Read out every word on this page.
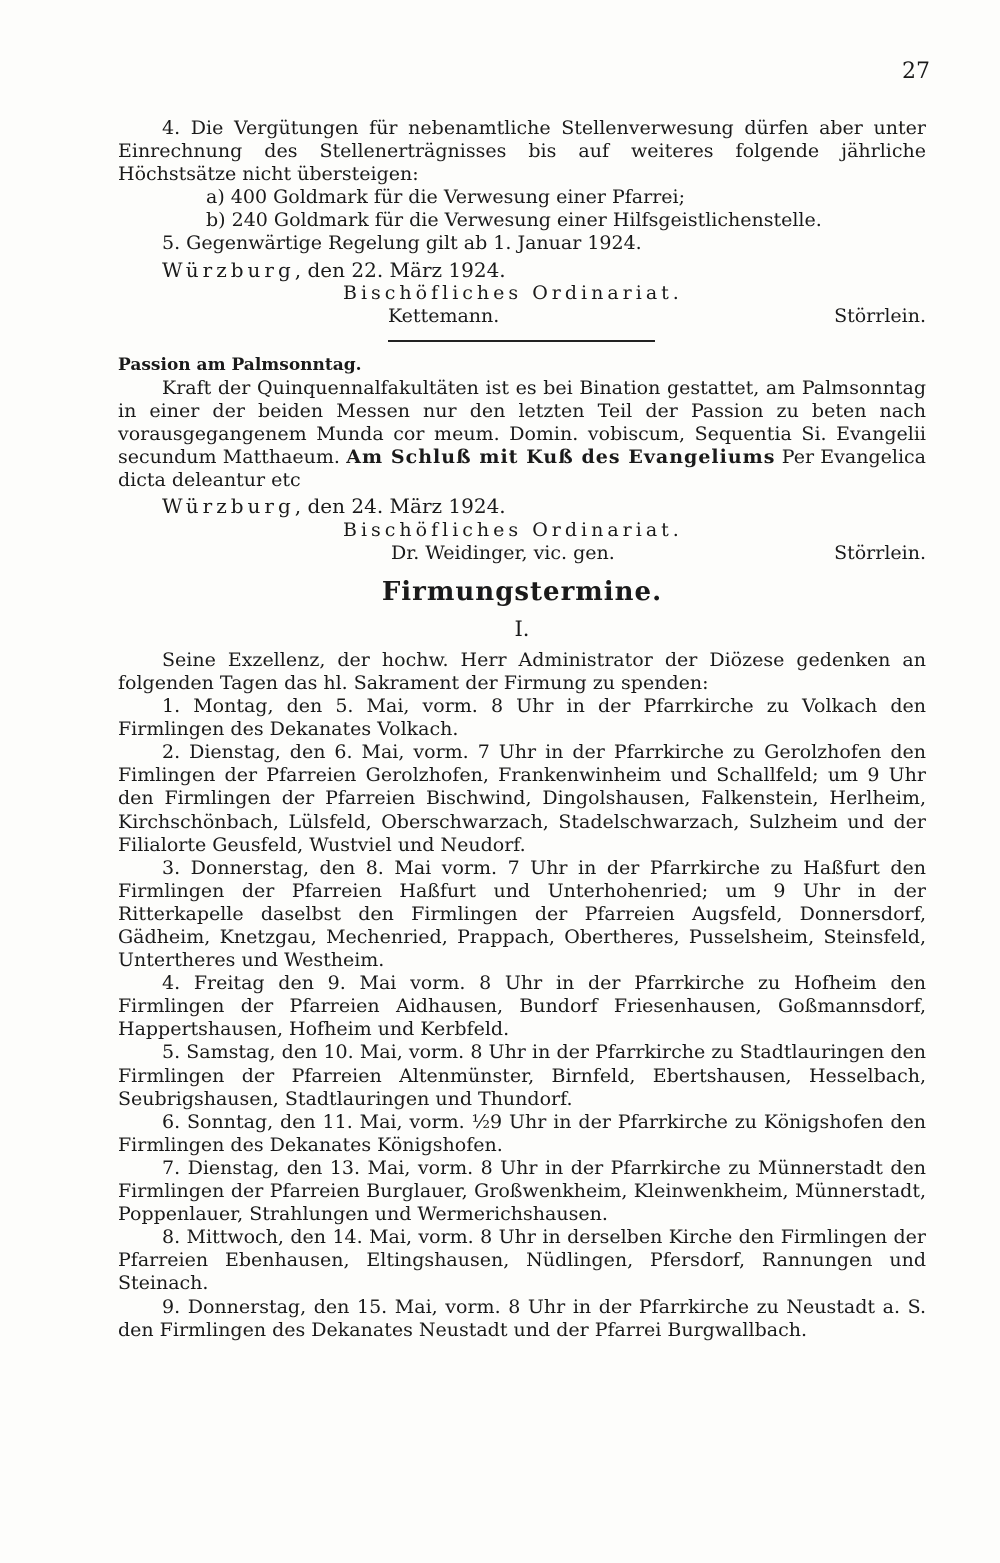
27

4. Die Vergütungen für nebenamtliche Stellenverwesung dürfen aber unter Einrechnung des Stellenerträgnisses bis auf weiteres folgende jährliche Höchstsätze nicht übersteigen:

a) 400 Goldmark für die Verwesung einer Pfarrei;

b) 240 Goldmark für die Verwesung einer Hilfsgeistlichenstelle.

5. Gegenwärtige Regelung gilt ab 1. Januar 1924.

Würzburg, den 22. März 1924.

Bischöfliches Ordinariat.

Kettemann.	Störrlein.

Passion am Palmsonntag.

Kraft der Quinquennalfakultäten ist es bei Bination gestattet, am Palmsonntag in einer der beiden Messen nur den letzten Teil der Passion zu beten nach vorausgegangenem Munda cor meum. Domin. vobiscum, Sequentia Si. Evangelii secundum Matthaeum. Am Schluß mit Kuß des Evangeliums Per Evangelica dicta deleantur etc

Würzburg, den 24. März 1924.

Bischöfliches Ordinariat.

Dr. Weidinger, vic. gen.	Störrlein.

Firmungstermine.

I.

Seine Exzellenz, der hochw. Herr Administrator der Diözese gedenken an folgenden Tagen das hl. Sakrament der Firmung zu spenden:

1. Montag, den 5. Mai, vorm. 8 Uhr in der Pfarrkirche zu Volkach den Firmlingen des Dekanates Volkach.

2. Dienstag, den 6. Mai, vorm. 7 Uhr in der Pfarrkirche zu Gerolzhofen den Fimlingen der Pfarreien Gerolzhofen, Frankenwinheim und Schallfeld; um 9 Uhr den Firmlingen der Pfarreien Bischwind, Dingolshausen, Falkenstein, Herlheim, Kirchschönbach, Lülsfeld, Oberschwarzach, Stadelschwarzach, Sulzheim und der Filialorte Geusfeld, Wustviel und Neudorf.

3. Donnerstag, den 8. Mai vorm. 7 Uhr in der Pfarrkirche zu Haßfurt den Firmlingen der Pfarreien Haßfurt und Unterhohenried; um 9 Uhr in der Ritterkapelle daselbst den Firmlingen der Pfarreien Augsfeld, Donnersdorf, Gädheim, Knetzgau, Mechenried, Prappach, Obertheres, Pusselsheim, Steinsfeld, Untertheres und Westheim.

4. Freitag den 9. Mai vorm. 8 Uhr in der Pfarrkirche zu Hofheim den Firmlingen der Pfarreien Aidhausen, Bundorf Friesenhausen, Goßmannsdorf, Happertshausen, Hofheim und Kerbfeld.

5. Samstag, den 10. Mai, vorm. 8 Uhr in der Pfarrkirche zu Stadtlauringen den Firmlingen der Pfarreien Altenmünster, Birnfeld, Ebertshausen, Hesselbach, Seubrigshausen, Stadtlauringen und Thundorf.

6. Sonntag, den 11. Mai, vorm. ½9 Uhr in der Pfarrkirche zu Königshofen den Firmlingen des Dekanates Königshofen.

7. Dienstag, den 13. Mai, vorm. 8 Uhr in der Pfarrkirche zu Münnerstadt den Firmlingen der Pfarreien Burglauer, Großwenkheim, Kleinwenkheim, Münnerstadt, Poppenlauer, Strahlungen und Wermerichshausen.

8. Mittwoch, den 14. Mai, vorm. 8 Uhr in derselben Kirche den Firmlingen der Pfarreien Ebenhausen, Eltingshausen, Nüdlingen, Pfersdorf, Rannungen und Steinach.

9. Donnerstag, den 15. Mai, vorm. 8 Uhr in der Pfarrkirche zu Neustadt a. S. den Firmlingen des Dekanates Neustadt und der Pfarrei Burgwallbach.
